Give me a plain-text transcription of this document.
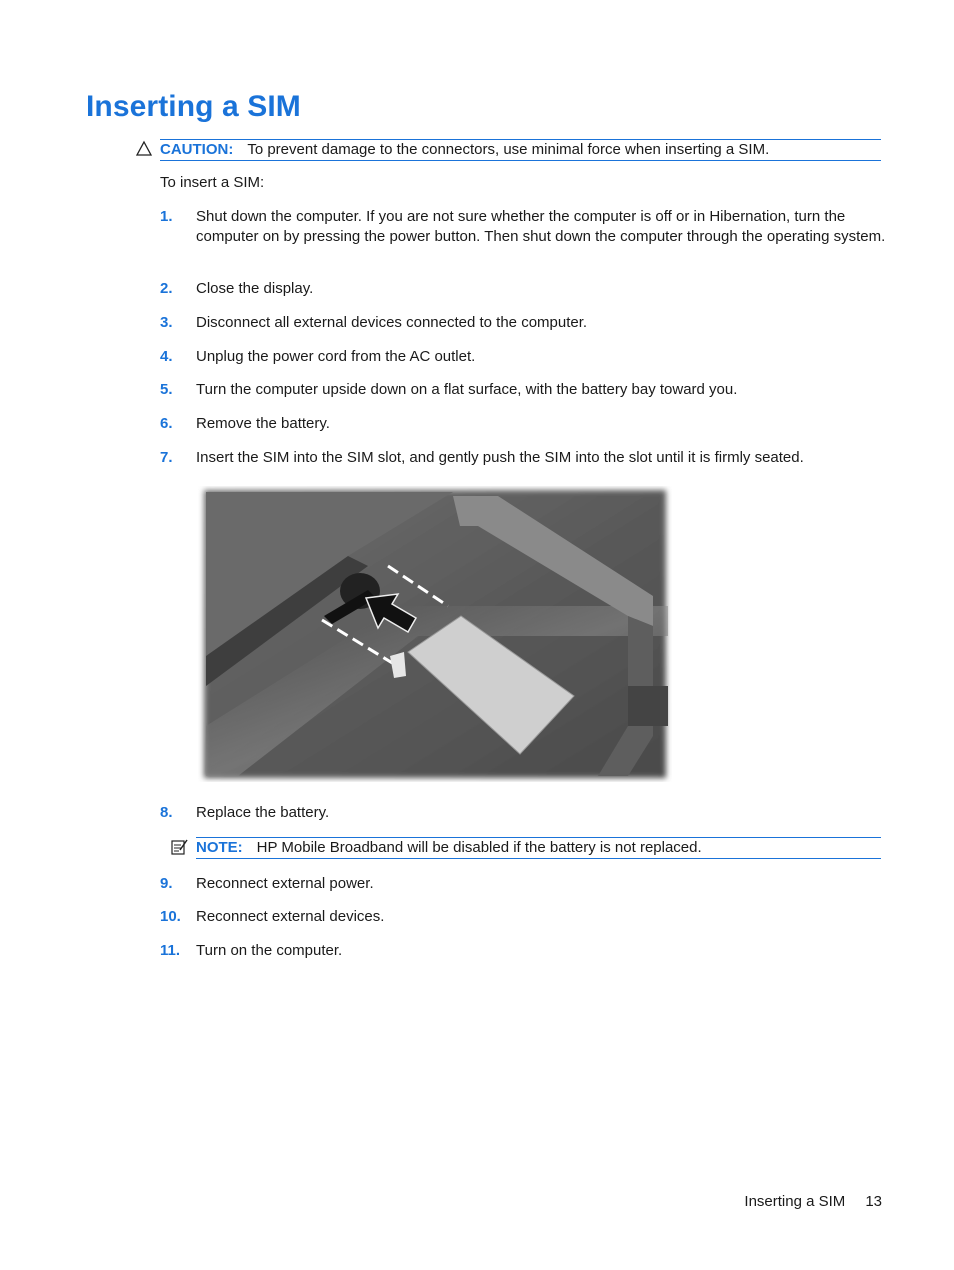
Inserting a SIM
CAUTION: To prevent damage to the connectors, use minimal force when inserting a SIM.
To insert a SIM:
1.	Shut down the computer. If you are not sure whether the computer is off or in Hibernation, turn the computer on by pressing the power button. Then shut down the computer through the operating system.
2.	Close the display.
3.	Disconnect all external devices connected to the computer.
4.	Unplug the power cord from the AC outlet.
5.	Turn the computer upside down on a flat surface, with the battery bay toward you.
6.	Remove the battery.
7.	Insert the SIM into the SIM slot, and gently push the SIM into the slot until it is firmly seated.
8.	Replace the battery.
NOTE: HP Mobile Broadband will be disabled if the battery is not replaced.
9.	Reconnect external power.
10.	Reconnect external devices.
11.	Turn on the computer.
Inserting a SIM 13
